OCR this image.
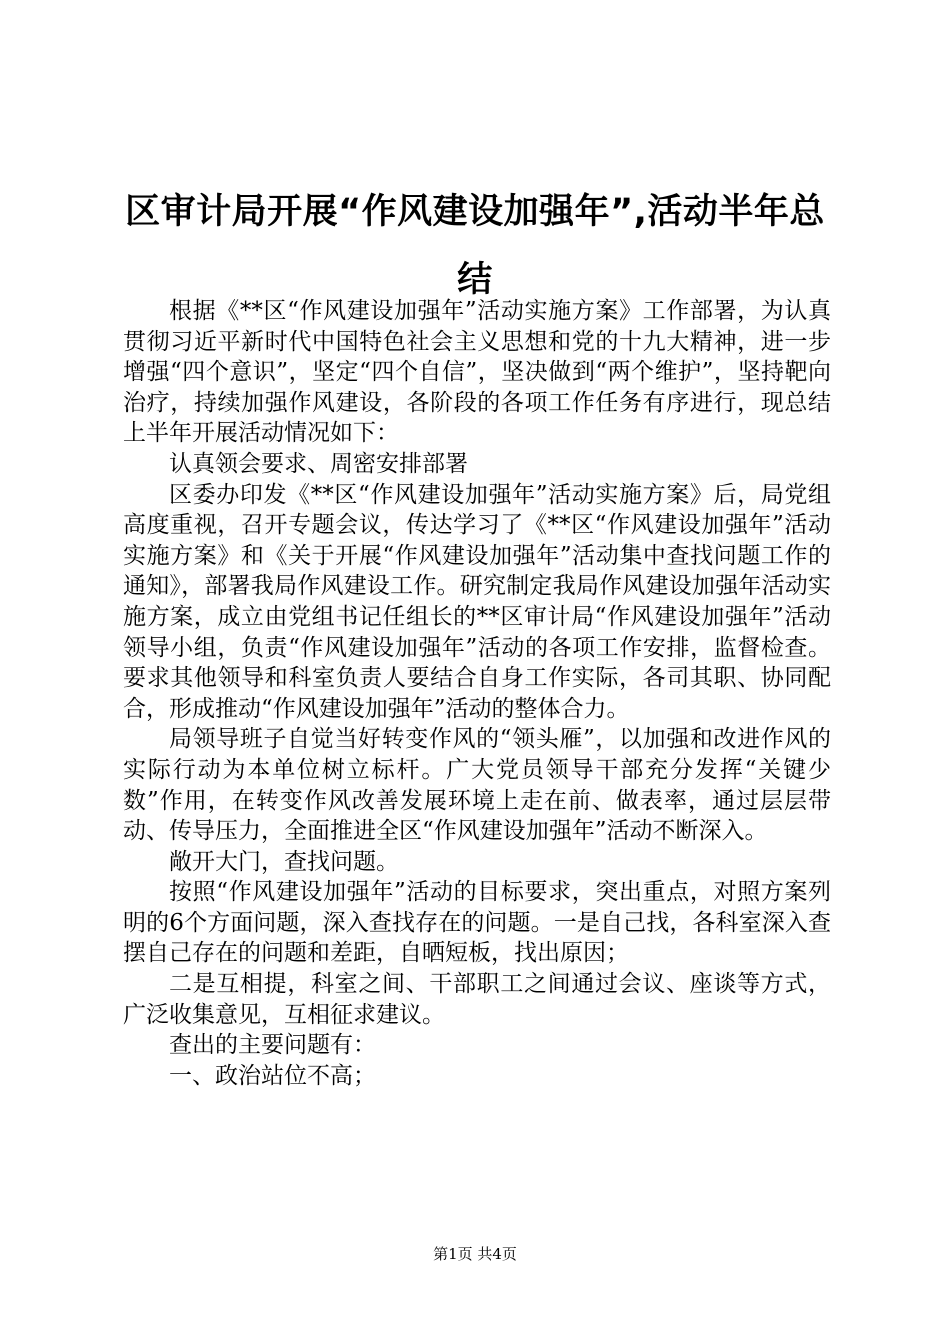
区审计局开展“作风建设加强年”,活动半年总结

根据《**区“作风建设加强年”活动实施方案》工作部署，为认真贯彻习近平新时代中国特色社会主义思想和党的十九大精神，进一步增强“四个意识”，坚定“四个自信”，坚决做到“两个维护”，坚持靶向治疗，持续加强作风建设，各阶段的各项工作任务有序进行，现总结上半年开展活动情况如下：

认真领会要求、周密安排部署

区委办印发《**区“作风建设加强年”活动实施方案》后，局党组高度重视，召开专题会议，传达学习了《**区“作风建设加强年”活动实施方案》和《关于开展“作风建设加强年”活动集中查找问题工作的通知》，部署我局作风建设工作。研究制定我局作风建设加强年活动实施方案，成立由党组书记任组长的**区审计局“作风建设加强年”活动领导小组，负责“作风建设加强年”活动的各项工作安排，监督检查。要求其他领导和科室负责人要结合自身工作实际，各司其职、协同配合，形成推动“作风建设加强年”活动的整体合力。

局领导班子自觉当好转变作风的“领头雁”，以加强和改进作风的实际行动为本单位树立标杆。广大党员领导干部充分发挥“关键少数”作用，在转变作风改善发展环境上走在前、做表率，通过层层带动、传导压力，全面推进全区“作风建设加强年”活动不断深入。

敞开大门，查找问题。

按照“作风建设加强年”活动的目标要求，突出重点，对照方案列明的6个方面问题，深入查找存在的问题。一是自己找，各科室深入查摆自己存在的问题和差距，自晒短板，找出原因；

二是互相提，科室之间、干部职工之间通过会议、座谈等方式，广泛收集意见，互相征求建议。

查出的主要问题有：

一、政治站位不高；

第1页 共4页
